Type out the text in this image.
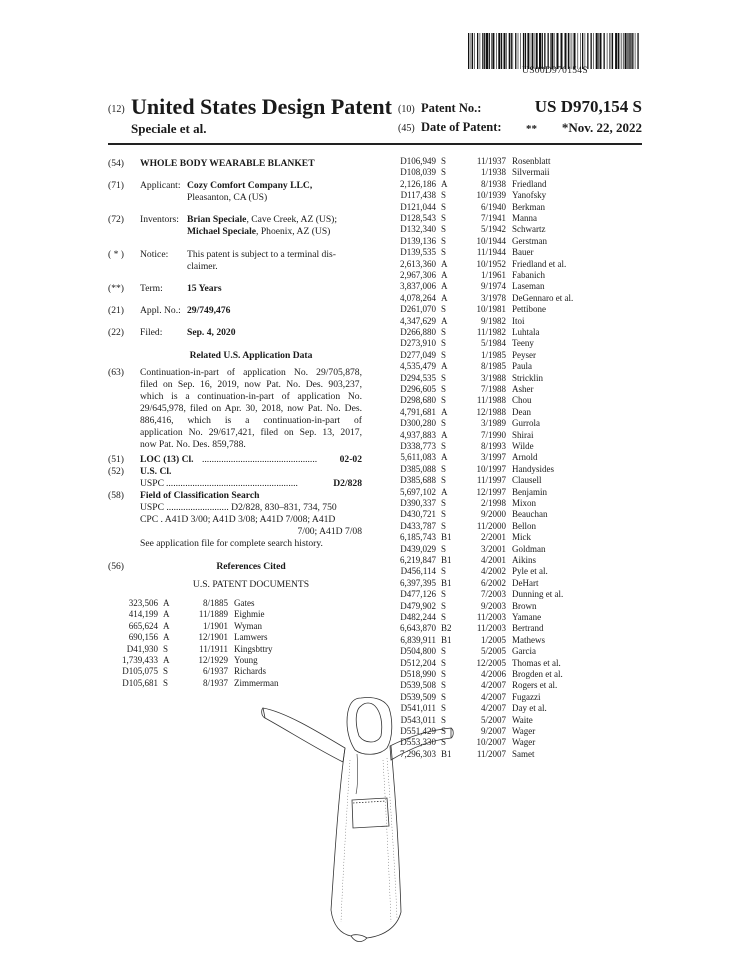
US00D970154S
(12) United States Design Patent (10) Patent No.:	US D970,154 S
Speciale et al.	(45) Date of Patent: **	*Nov. 22, 2022
(54) WHOLE BODY WEARABLE BLANKET
(71) Applicant: Cozy Comfort Company LLC,
Pleasanton, CA (US)
(72) Inventors: Brian Speciale, Cave Creek, AZ (US);
Michael Speciale, Phoenix, AZ (US)
( * ) Notice: This patent is subject to a terminal dis-
claimer.
(**) Term:	15 Years
(21) Appl. No.: 29/749,476
(22) Filed:	Sep. 4, 2020
Related U.S. Application Data
(63) Continuation-in-part of application No. 29/705,878,
filed on Sep. 16, 2019, now Pat. No. Des. 903,237,
which is a continuation-in-part of application No.
29/645,978, filed on Apr. 30, 2018, now Pat. No. Des.
886,416, which is a continuation-in-part of
application No. 29/617,421, filed on Sep. 13, 2017,
now Pat. No. Des. 859,788.
(51) LOC (13) Cl. ................................................	02-02
(52) U.S. Cl.
USPC .......................................................	D2/828
(58) Field of Classification Search
USPC .......................... D2/828, 830–831, 734, 750
CPC . A41D 3/00; A41D 3/08; A41D 7/008; A41D
7/00; A41D 7/08
See application file for complete search history.
(56)	References Cited
U.S. PATENT DOCUMENTS
323,506 A	8/1885 Gates
414,199 A	11/1889 Eighmie
665,624 A	1/1901 Wyman
690,156 A	12/1901 Lamwers
D41,930 S	11/1911 Kingsbttry
1,739,433 A	12/1929 Young
D105,075 S	6/1937 Richards
D105,681 S	8/1937 Zimmerman
D106,949 S	11/1937 Rosenblatt
D108,039 S	1/1938 Silvermaii
2,126,186 A	8/1938 Friedland
D117,438 S	10/1939 Yanofsky
D121,044 S	6/1940 Berkman
D128,543 S	7/1941 Manna
D132,340 S	5/1942 Schwartz
D139,136 S	10/1944 Gerstman
D139,535 S	11/1944 Bauer
2,613,360 A	10/1952 Friedland et al.
2,967,306 A	1/1961 Fabanich
3,837,006 A	9/1974 Laseman
4,078,264 A	3/1978 DeGennaro et al.
D261,070 S	10/1981 Pettibone
4,347,629 A	9/1982 Itoi
D266,880 S	11/1982 Luhtala
D273,910 S	5/1984 Teeny
D277,049 S	1/1985 Peyser
4,535,479 A	8/1985 Paula
D294,535 S	3/1988 Stricklin
D296,605 S	7/1988 Asher
D298,680 S	11/1988 Chou
4,791,681 A	12/1988 Dean
D300,280 S	3/1989 Gurrola
4,937,883 A	7/1990 Shirai
D338,773 S	8/1993 Wilde
5,611,083 A	3/1997 Arnold
D385,088 S	10/1997 Handysides
D385,688 S	11/1997 Clausell
5,697,102 A	12/1997 Benjamin
D390,337 S	2/1998 Mixon
D430,721 S	9/2000 Beauchan
D433,787 S	11/2000 Bellon
6,185,743 B1	2/2001 Mick
D439,029 S	3/2001 Goldman
6,219,847 B1	4/2001 Aikins
D456,114 S	4/2002 Pyle et al.
6,397,395 B1	6/2002 DeHart
D477,126 S	7/2003 Dunning et al.
D479,902 S	9/2003 Brown
D482,244 S	11/2003 Yamane
6,643,870 B2	11/2003 Bertrand
6,839,911 B1	1/2005 Mathews
D504,800 S	5/2005 Garcia
D512,204 S	12/2005 Thomas et al.
D518,990 S	4/2006 Brogden et al.
D539,508 S	4/2007 Rogers et al.
D539,509 S	4/2007 Fugazzi
D541,011 S	4/2007 Day et al.
D543,011 S	5/2007 Waite
D551,429 S	9/2007 Wager
D553,330 S	10/2007 Wager
7,296,303 B1	11/2007 Samet
